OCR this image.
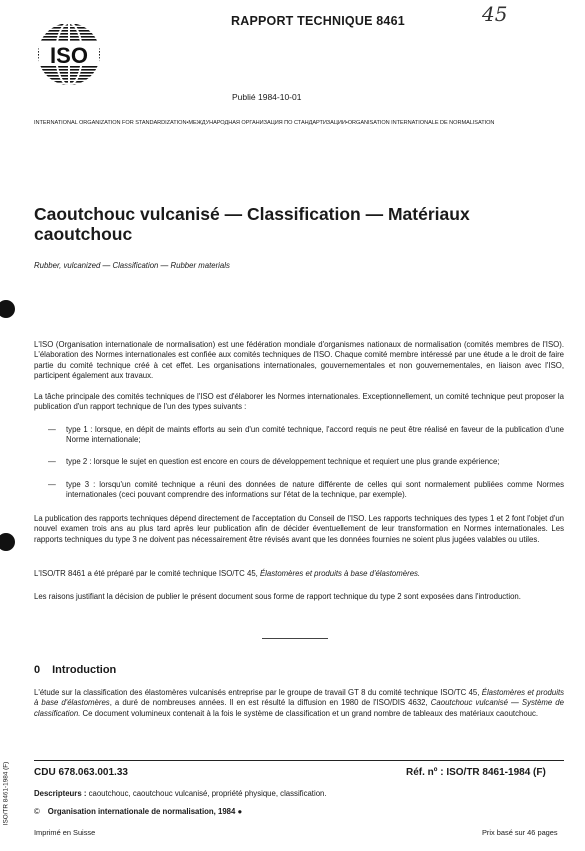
ISO
RAPPORT TECHNIQUE 8461	45
Publié 1984-10-01
INTERNATIONAL ORGANIZATION FOR STANDARDIZATION•МЕЖДУНАРОДНАЯ ОРГАНИЗАЦИЯ ПО СТАНДАРТИЗАЦИИ•ORGANISATION INTERNATIONALE DE NORMALISATION
Caoutchouc vulcanisé — Classification — Matériaux caoutchouc
Rubber, vulcanized — Classification — Rubber materials
L'ISO (Organisation internationale de normalisation) est une fédération mondiale d'organismes nationaux de normalisation (comités membres de l'ISO). L'élaboration des Normes internationales est confiée aux comités techniques de l'ISO. Chaque comité membre intéressé par une étude a le droit de faire partie du comité technique créé à cet effet. Les organisations internationales, gouvernementales et non gouvernementales, en liaison avec l'ISO, participent également aux travaux.
La tâche principale des comités techniques de l'ISO est d'élaborer les Normes internationales. Exceptionnellement, un comité technique peut proposer la publication d'un rapport technique de l'un des types suivants :
— type 1 : lorsque, en dépit de maints efforts au sein d'un comité technique, l'accord requis ne peut être réalisé en faveur de la publication d'une Norme internationale;
— type 2 : lorsque le sujet en question est encore en cours de développement technique et requiert une plus grande expérience;
— type 3 : lorsqu'un comité technique a réuni des données de nature différente de celles qui sont normalement publiées comme Normes internationales (ceci pouvant comprendre des informations sur l'état de la technique, par exemple).
La publication des rapports techniques dépend directement de l'acceptation du Conseil de l'ISO. Les rapports techniques des types 1 et 2 font l'objet d'un nouvel examen trois ans au plus tard après leur publication afin de décider éventuellement de leur transformation en Normes internationales. Les rapports techniques du type 3 ne doivent pas nécessairement être révisés avant que les données fournies ne soient plus jugées valables ou utiles.
L'ISO/TR 8461 a été préparé par le comité technique ISO/TC 45, Élastomères et produits à base d'élastomères.
Les raisons justifiant la décision de publier le présent document sous forme de rapport technique du type 2 sont exposées dans l'introduction.
0 Introduction
L'étude sur la classification des élastomères vulcanisés entreprise par le groupe de travail GT 8 du comité technique ISO/TC 45, Élastomères et produits à base d'élastomères, a duré de nombreuses années. Il en est résulté la diffusion en 1980 de l'ISO/DIS 4632, Caoutchouc vulcanisé — Système de classification. Ce document volumineux contenait à la fois le système de classification et un grand nombre de tableaux des matériaux caoutchouc.
CDU 678.063.001.33	Réf. nº : ISO/TR 8461-1984 (F)
Descripteurs : caoutchouc, caoutchouc vulcanisé, propriété physique, classification.
© Organisation internationale de normalisation, 1984 ●
Imprimé en Suisse	Prix basé sur 46 pages
ISO/TR 8461-1984 (F)
